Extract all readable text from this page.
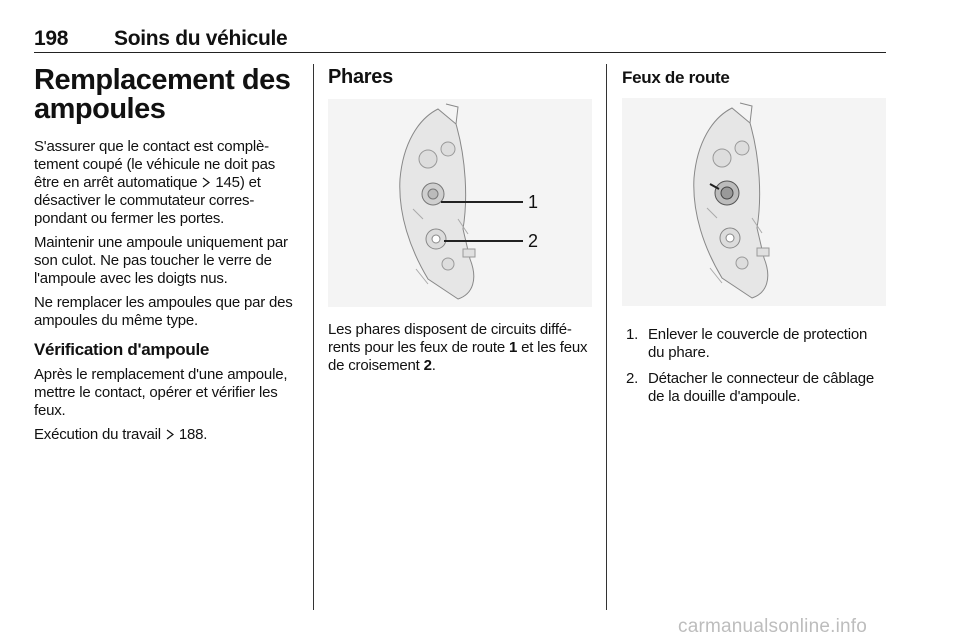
198 Soins du véhicule
Remplacement des ampoules

S'assurer que le contact est complè-tement coupé (le véhicule ne doit pas être en arrêt automatique 145) et désactiver le commutateur corres-pondant ou fermer les portes.

Maintenir une ampoule uniquement par son culot. Ne pas toucher le verre de l'ampoule avec les doigts nus.

Ne remplacer les ampoules que par des ampoules du même type.

Vérification d'ampoule

Après le remplacement d'une ampoule, mettre le contact, opérer et vérifier les feux.

Exécution du travail 188.

Phares
1
2

Les phares disposent de circuits diffé-rents pour les feux de route 1 et les feux de croisement 2.

Feux de route
1. Enlever le couvercle de protection du phare.
2. Détacher le connecteur de câblage de la douille d'ampoule.
carmanualsonline.info
